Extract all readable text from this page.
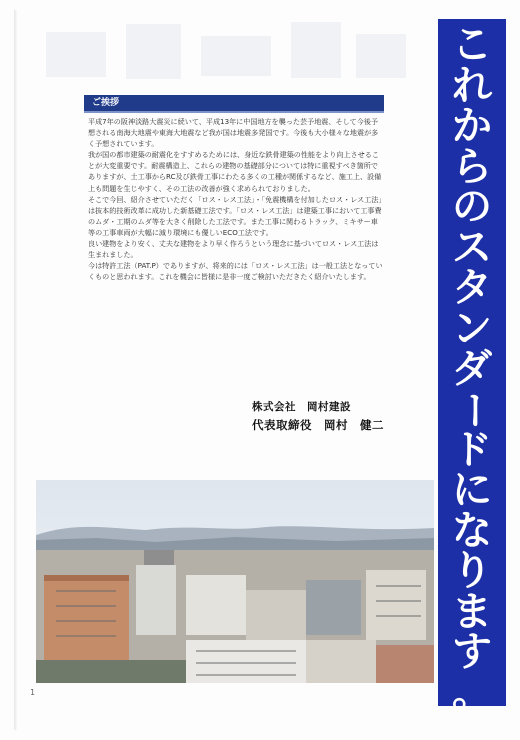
ご挨拶

平成7年の阪神淡路大震災に続いて、平成13年に中国地方を襲った芸予地震、そして今後予想される南海大地震や東海大地震など我が国は地震多発国です。今後も大小様々な地震が多く予想されています。

我が国の都市建築の耐震化をすすめるためには、身近な鉄骨建築の性能をより向上させることが大変重要です。耐震構造上、これらの建物の基礎部分については特に重視すべき箇所でありますが、土工事からRC及び鉄骨工事にわたる多くの工種が関係するなど、施工上、設備上も問題を生じやすく、その工法の改善が強く求められておりました。

そこで今回、紹介させていただく「ロス・レス工法」・「免震機構を付加したロス・レス工法」は抜本的技術改革に成功した新基礎工法です。「ロス・レス工法」は建築工事において工事費のムダ・工期のムダ等を大きく削除した工法です。また工事に関わるトラック、ミキサー車等の工事車両が大幅に減り環境にも優しいECO工法です。

良い建物をより安く、丈夫な建物をより早く作ろうという理念に基づいてロス・レス工法は生まれました。

今は特許工法（PAT.P）でありますが、将来的には「ロス・レス工法」は一般工法となっていくものと思われます。これを機会に皆様に是非一度ご検討いただきたく紹介いたします。

株式会社　岡村建設
代表取締役　岡村　健二
1
こ
れ
か
ら
の
ス
タ
ン
ダ
ー
ド
に
な
り
ま
す
。
